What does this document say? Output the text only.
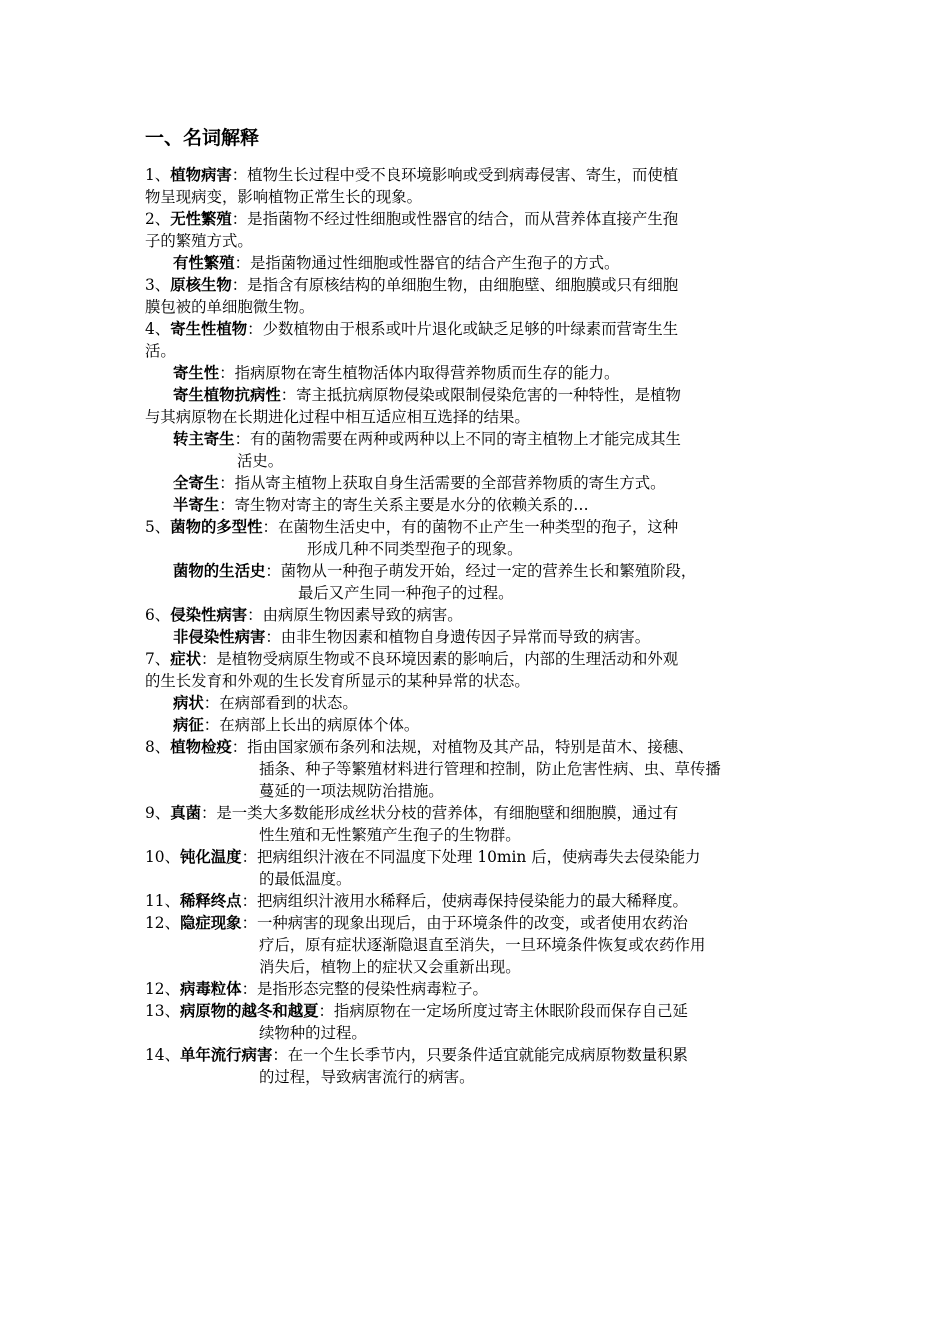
一、名词解释
1、植物病害：植物生长过程中受不良环境影响或受到病毒侵害、寄生，而使植
物呈现病变，影响植物正常生长的现象。
2、无性繁殖：是指菌物不经过性细胞或性器官的结合，而从营养体直接产生孢
子的繁殖方式。
有性繁殖：是指菌物通过性细胞或性器官的结合产生孢子的方式。
3、原核生物：是指含有原核结构的单细胞生物，由细胞壁、细胞膜或只有细胞
膜包被的单细胞微生物。
4、寄生性植物：少数植物由于根系或叶片退化或缺乏足够的叶绿素而营寄生生
活。
寄生性：指病原物在寄生植物活体内取得营养物质而生存的能力。
寄生植物抗病性：寄主抵抗病原物侵染或限制侵染危害的一种特性，是植物
与其病原物在长期进化过程中相互适应相互选择的结果。
转主寄生：有的菌物需要在两种或两种以上不同的寄主植物上才能完成其生
活史。
全寄生：指从寄主植物上获取自身生活需要的全部营养物质的寄生方式。
半寄生：寄生物对寄主的寄生关系主要是水分的依赖关系的…
5、菌物的多型性：在菌物生活史中，有的菌物不止产生一种类型的孢子，这种
形成几种不同类型孢子的现象。
菌物的生活史：菌物从一种孢子萌发开始，经过一定的营养生长和繁殖阶段，
最后又产生同一种孢子的过程。
6、侵染性病害：由病原生物因素导致的病害。
非侵染性病害：由非生物因素和植物自身遗传因子异常而导致的病害。
7、症状：是植物受病原生物或不良环境因素的影响后，内部的生理活动和外观
的生长发育和外观的生长发育所显示的某种异常的状态。
病状：在病部看到的状态。
病征：在病部上长出的病原体个体。
8、植物检疫：指由国家颁布条列和法规，对植物及其产品，特别是苗木、接穗、
插条、种子等繁殖材料进行管理和控制，防止危害性病、虫、草传播
蔓延的一项法规防治措施。
9、真菌：是一类大多数能形成丝状分枝的营养体，有细胞壁和细胞膜，通过有
性生殖和无性繁殖产生孢子的生物群。
10、钝化温度：把病组织汁液在不同温度下处理 10min 后，使病毒失去侵染能力
的最低温度。
11、稀释终点：把病组织汁液用水稀释后，使病毒保持侵染能力的最大稀释度。
12、隐症现象：一种病害的现象出现后，由于环境条件的改变，或者使用农药治
疗后，原有症状逐渐隐退直至消失，一旦环境条件恢复或农药作用
消失后，植物上的症状又会重新出现。
12、病毒粒体：是指形态完整的侵染性病毒粒子。
13、病原物的越冬和越夏：指病原物在一定场所度过寄主休眠阶段而保存自己延
续物种的过程。
14、单年流行病害：在一个生长季节内，只要条件适宜就能完成病原物数量积累
的过程，导致病害流行的病害。
